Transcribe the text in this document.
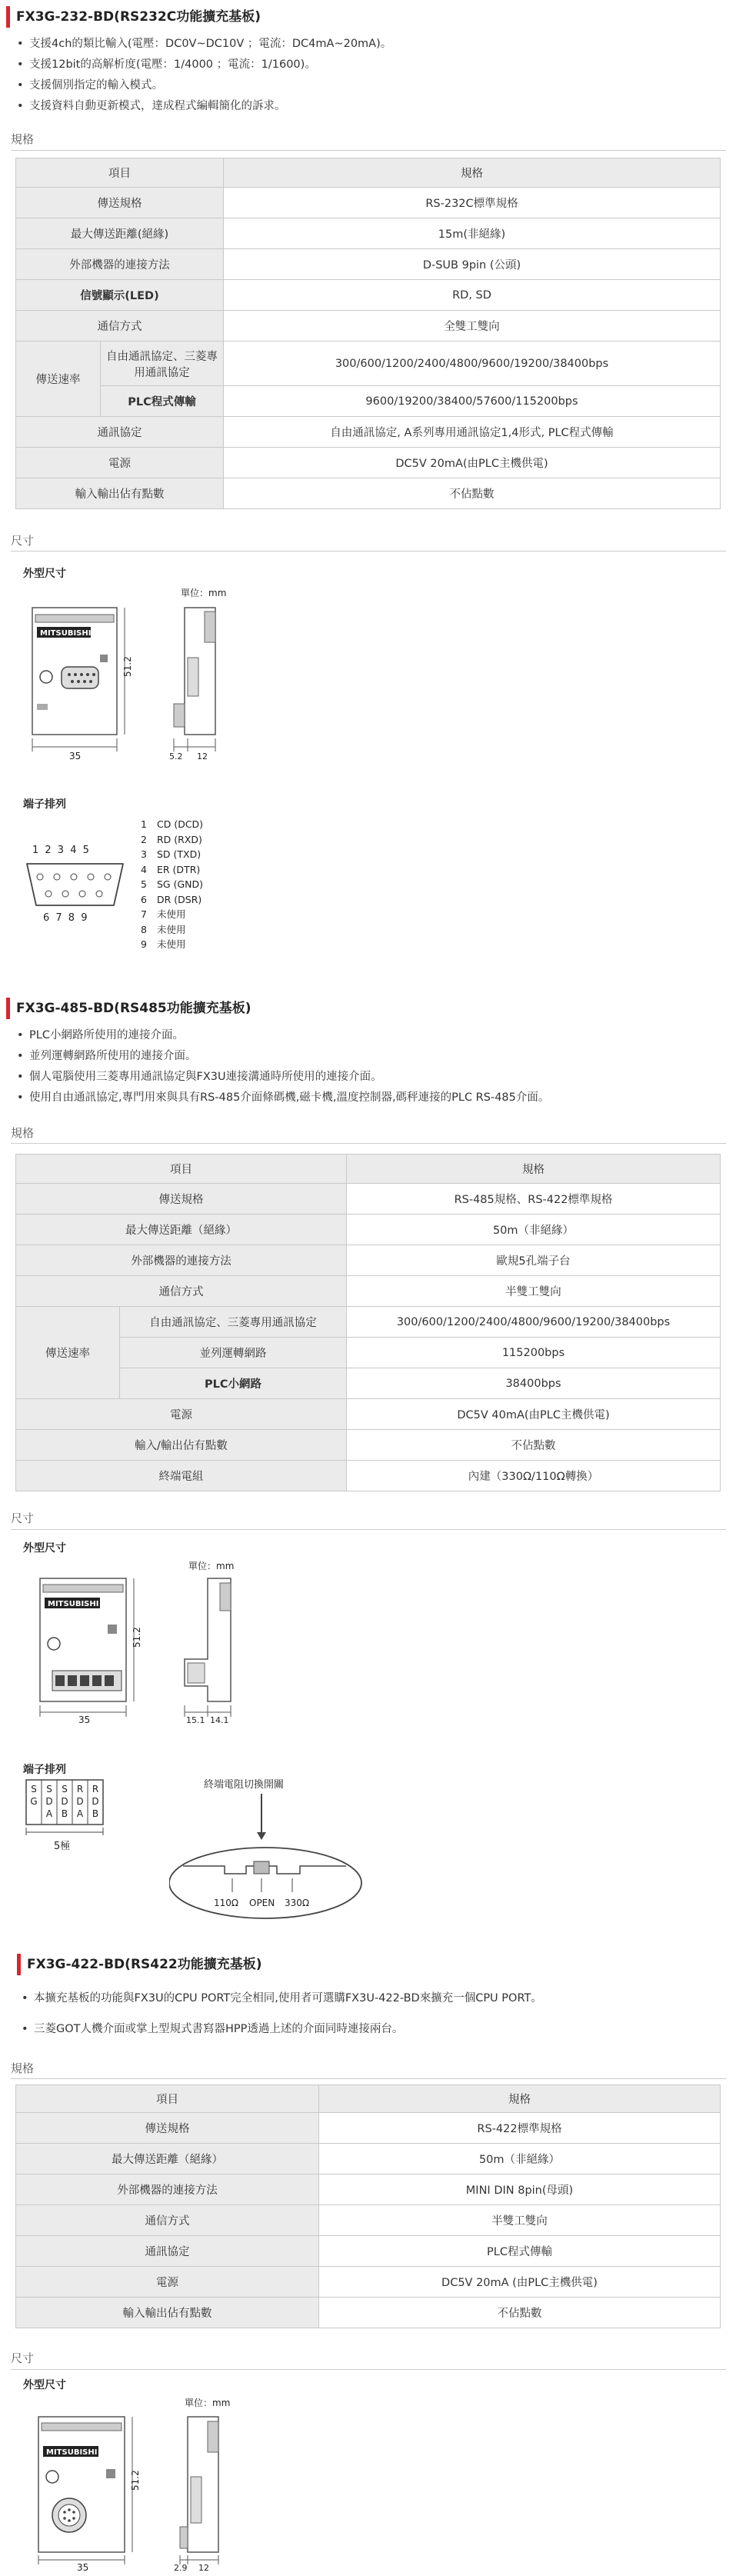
FX3G-232-BD(RS232C功能擴充基板)
• 支援4ch的類比輸入(電壓：DC0V~DC10V ；電流：DC4mA~20mA)。
• 支援12bit的高解析度(電壓：1/4000 ；電流：1/1600)。
• 支援個別指定的輸入模式。
• 支援資料自動更新模式，達成程式編輯簡化的訴求。
規格
項目		規格
傳送規格		RS-232C標準規格
最大傳送距離(絕緣)		15m(非絕緣)
外部機器的連接方法		D-SUB 9pin (公頭)
信號顯示(LED)		RD, SD
通信方式		全雙工雙向
傳送速率	自由通訊協定、三菱專用通訊協定	300/600/1200/2400/4800/9600/19200/38400bps
	PLC程式傳輸	9600/19200/38400/57600/115200bps
通訊協定		自由通訊協定, A系列專用通訊協定1,4形式, PLC程式傳輸
電源		DC5V 20mA(由PLC主機供電)
輸入輸出佔有點數		不佔點數
尺寸
外型尺寸
單位：mm
MITSUBISHI
35
51.2
5.2 12
端子排列
1 2 3 4 5
6 7 8 9
1 CD (DCD)
2 RD (RXD)
3 SD (TXD)
4 ER (DTR)
5 SG (GND)
6 DR (DSR)
7 未使用
8 未使用
9 未使用
FX3G-485-BD(RS485功能擴充基板)
• PLC小網路所使用的連接介面。
• 並列運轉網路所使用的連接介面。
• 個人電腦使用三菱專用通訊協定與FX3U連接溝通時所使用的連接介面。
• 使用自由通訊協定,專門用來與具有RS-485介面條碼機,磁卡機,溫度控制器,碼秤連接的PLC RS-485介面。
規格
項目		規格
傳送規格		RS-485規格、RS-422標準規格
最大傳送距離（絕緣）		50m（非絕緣）
外部機器的連接方法		歐規5孔端子台
通信方式		半雙工雙向
傳送速率	自由通訊協定、三菱專用通訊協定	300/600/1200/2400/4800/9600/19200/38400bps
	並列運轉網路	115200bps
	PLC小網路	38400bps
電源		DC5V 40mA(由PLC主機供電)
輸入/輸出佔有點數		不佔點數
終端電組		內建（330Ω/110Ω轉換）
尺寸
外型尺寸
單位：mm
MITSUBISHI
35
51.2
15.1 14.1
端子排列
S
G
S
D
A
S
D
B
R
D
A
R
D
B
5極
終端電阻切換開關
110Ω OPEN 330Ω
FX3G-422-BD(RS422功能擴充基板)
• 本擴充基板的功能與FX3U的CPU PORT完全相同,使用者可選購FX3U-422-BD來擴充一個CPU PORT。
• 三菱GOT人機介面或掌上型規式書寫器HPP透過上述的介面同時連接兩台。
規格
項目	規格
傳送規格	RS-422標準規格
最大傳送距離（絕緣）	50m（非絕緣）
外部機器的連接方法	MINI DIN 8pin(母頭)
通信方式	半雙工雙向
通訊協定	PLC程式傳輸
電源	DC5V 20mA (由PLC主機供電)
輸入輸出佔有點數	不佔點數
尺寸
外型尺寸
單位：mm
MITSUBISHI
35
51.2
2.9 12
